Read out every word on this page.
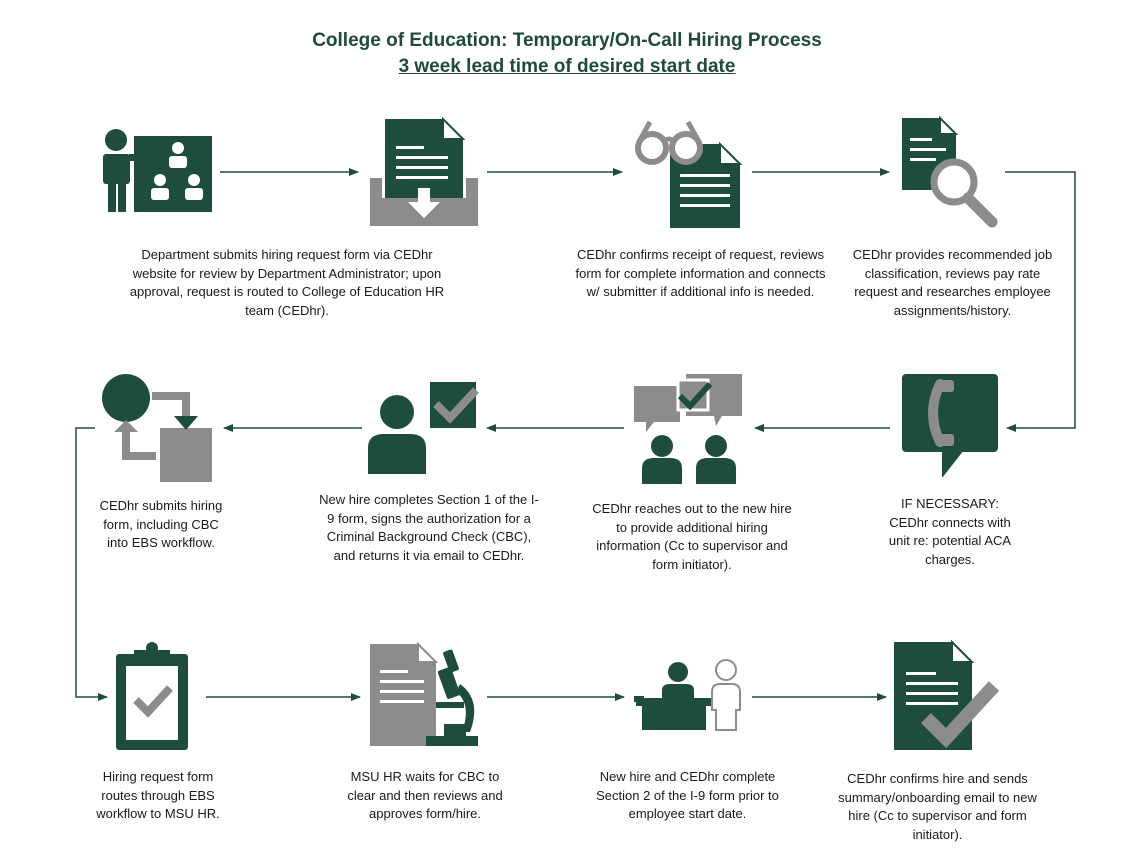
College of Education: Temporary/On-Call Hiring Process
3 week lead time of desired start date
Department submits hiring request form via CEDhr website for review by Department Administrator; upon approval, request is routed to College of Education HR team (CEDhr).
CEDhr confirms receipt of request, reviews form for complete information and connects w/ submitter if additional info is needed.
CEDhr provides recommended job classification, reviews pay rate request and researches employee assignments/history.
IF NECESSARY: CEDhr connects with unit re: potential ACA charges.
CEDhr reaches out to the new hire to provide additional hiring information (Cc to supervisor and form initiator).
New hire completes Section 1 of the I-9 form, signs the authorization for a Criminal Background Check (CBC), and returns it via email to CEDhr.
CEDhr submits hiring form, including CBC into EBS workflow.
Hiring request form routes through EBS workflow to MSU HR.
MSU HR waits for CBC to clear and then reviews and approves form/hire.
New hire and CEDhr complete Section 2 of the I-9 form prior to employee start date.
CEDhr confirms hire and sends summary/onboarding email to new hire (Cc to supervisor and form initiator).
